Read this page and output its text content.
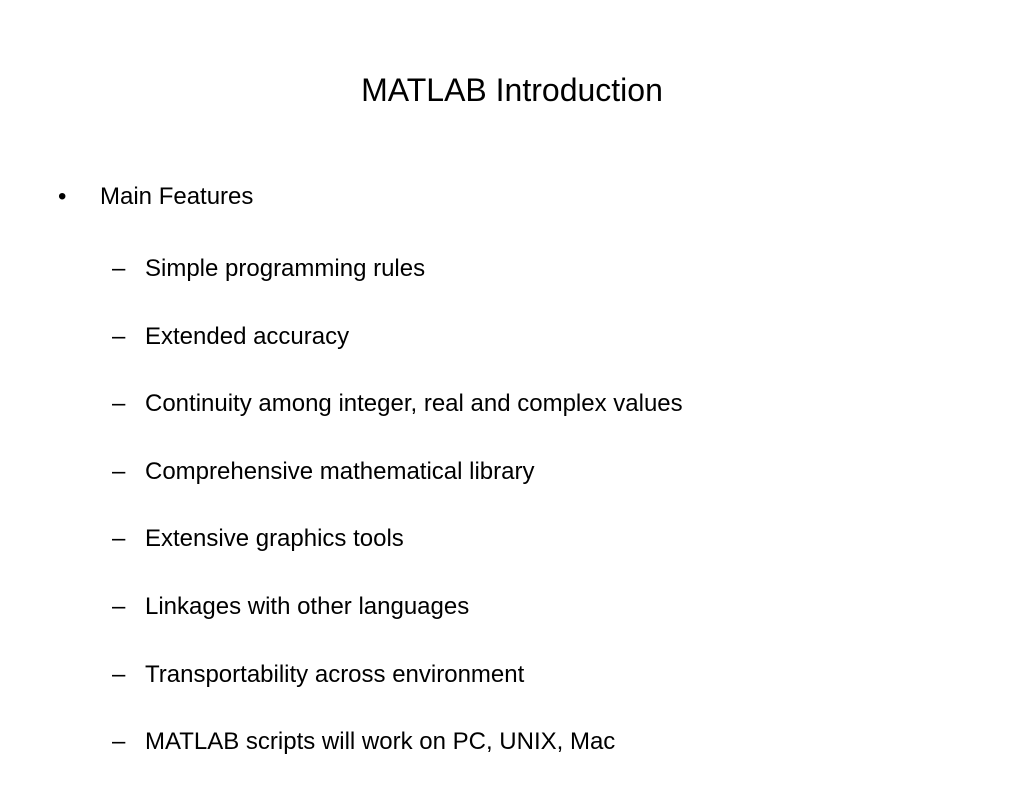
MATLAB Introduction
• Main Features
– Simple programming rules
– Extended accuracy
– Continuity among integer, real and complex values
– Comprehensive mathematical library
– Extensive graphics tools
– Linkages with other languages
– Transportability across environment
– MATLAB scripts will work on PC, UNIX, Mac
